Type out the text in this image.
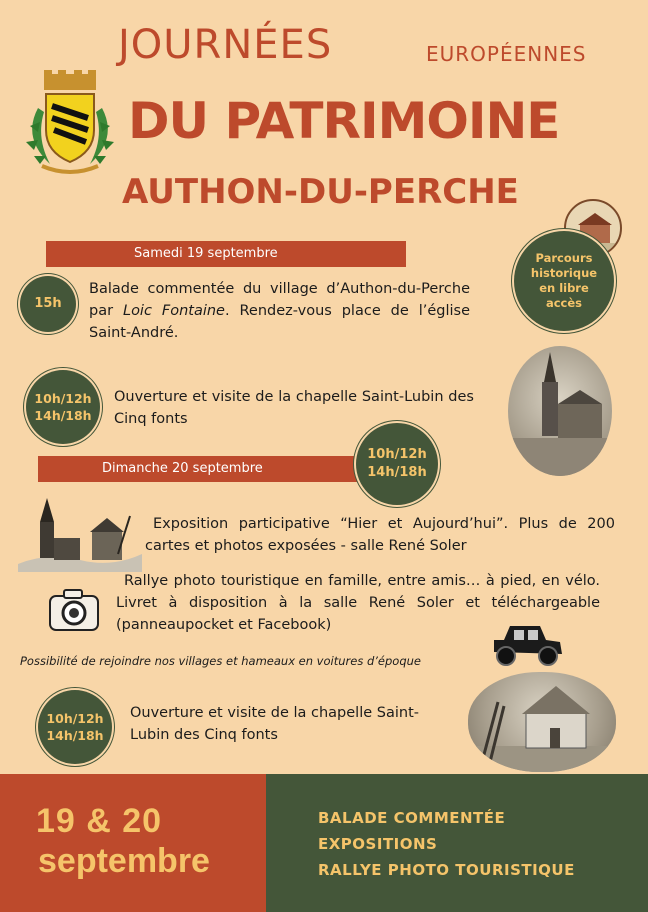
JOURNÉES	EUROPÉENNES
DU PATRIMOINE
AUTHON-DU-PERCHE
Parcours historique en libre accès
Samedi 19 septembre
15h
Balade commentée du village d’Authon-du-Perche par Loic Fontaine. Rendez-vous place de l’église Saint-André.
10h/12h
14h/18h
Ouverture et visite de la chapelle Saint-Lubin des Cinq fonts
Dimanche 20 septembre
10h/12h
14h/18h
Exposition participative “Hier et Aujourd’hui”. Plus de 200 cartes et photos exposées - salle René Soler
Rallye photo touristique en famille, entre amis… à pied, en vélo. Livret à disposition à la salle René Soler et téléchargeable (panneaupocket et Facebook)
Possibilité de rejoindre nos villages et hameaux en voitures d’époque
10h/12h
14h/18h
Ouverture et visite de la chapelle Saint-Lubin des Cinq fonts
19 & 20
septembre
BALADE COMMENTÉE
EXPOSITIONS
RALLYE PHOTO TOURISTIQUE
